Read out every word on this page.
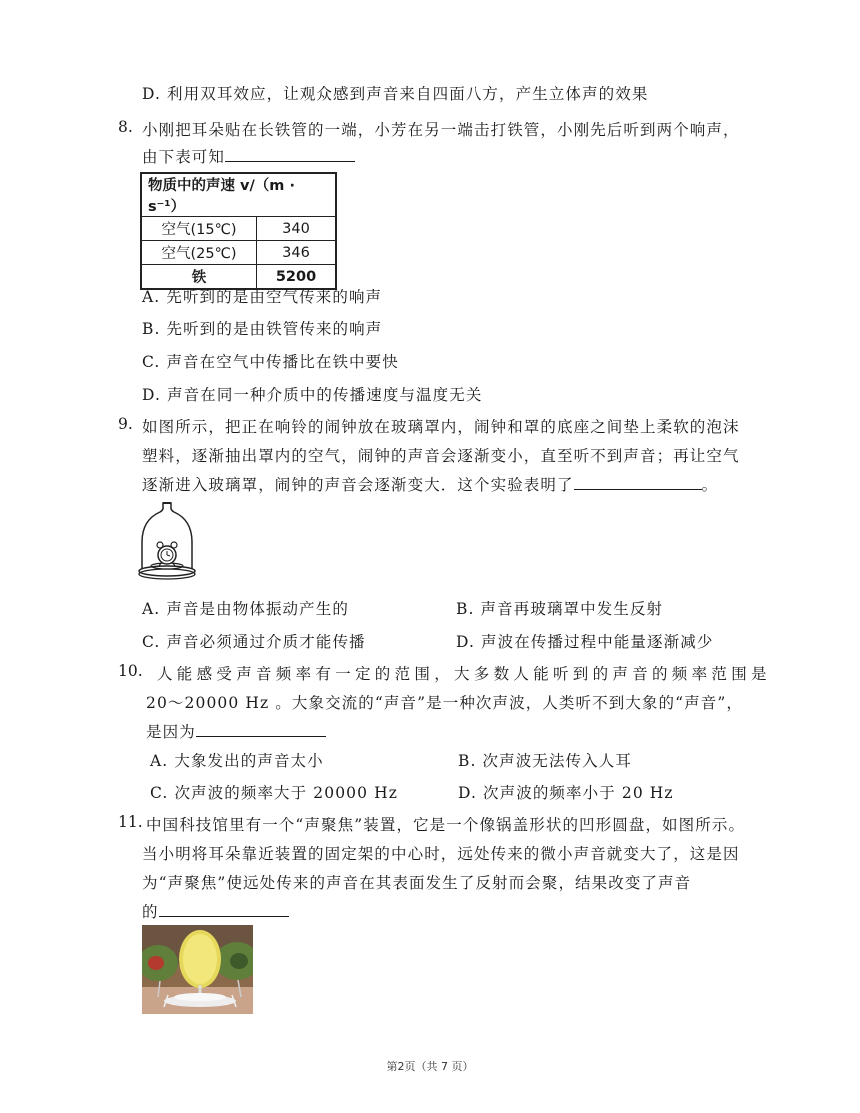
D. 利用双耳效应，让观众感到声音来自四面八方，产生立体声的效果
8. 小刚把耳朵贴在长铁管的一端，小芳在另一端击打铁管，小刚先后听到两个响声，
由下表可知
物质中的声速 v/（m · s⁻¹）	
空气(15℃)	340
空气(25℃)	346
铁	5200
A. 先听到的是由空气传来的响声
B. 先听到的是由铁管传来的响声
C. 声音在空气中传播比在铁中要快
D. 声音在同一种介质中的传播速度与温度无关
9. 如图所示，把正在响铃的闹钟放在玻璃罩内，闹钟和罩的底座之间垫上柔软的泡沫
塑料，逐渐抽出罩内的空气，闹钟的声音会逐渐变小，直至听不到声音；再让空气
逐渐进入玻璃罩，闹钟的声音会逐渐变大．这个实验表明了	。
A. 声音是由物体振动产生的	B. 声音再玻璃罩中发生反射
C. 声音必须通过介质才能传播	D. 声波在传播过程中能量逐渐减少
10. 人能感受声音频率有一定的范围，大多数人能听到的声音的频率范围是
20～20000 Hz 。大象交流的“声音”是一种次声波，人类听不到大象的“声音”，
是因为
A. 大象发出的声音太小	B. 次声波无法传入人耳
C. 次声波的频率大于 20000 Hz	D. 次声波的频率小于 20 Hz
11. 中国科技馆里有一个“声聚焦”装置，它是一个像锅盖形状的凹形圆盘，如图所示。
当小明将耳朵靠近装置的固定架的中心时，远处传来的微小声音就变大了，这是因
为“声聚焦”使远处传来的声音在其表面发生了反射而会聚，结果改变了声音
的
第2页（共 7 页）
